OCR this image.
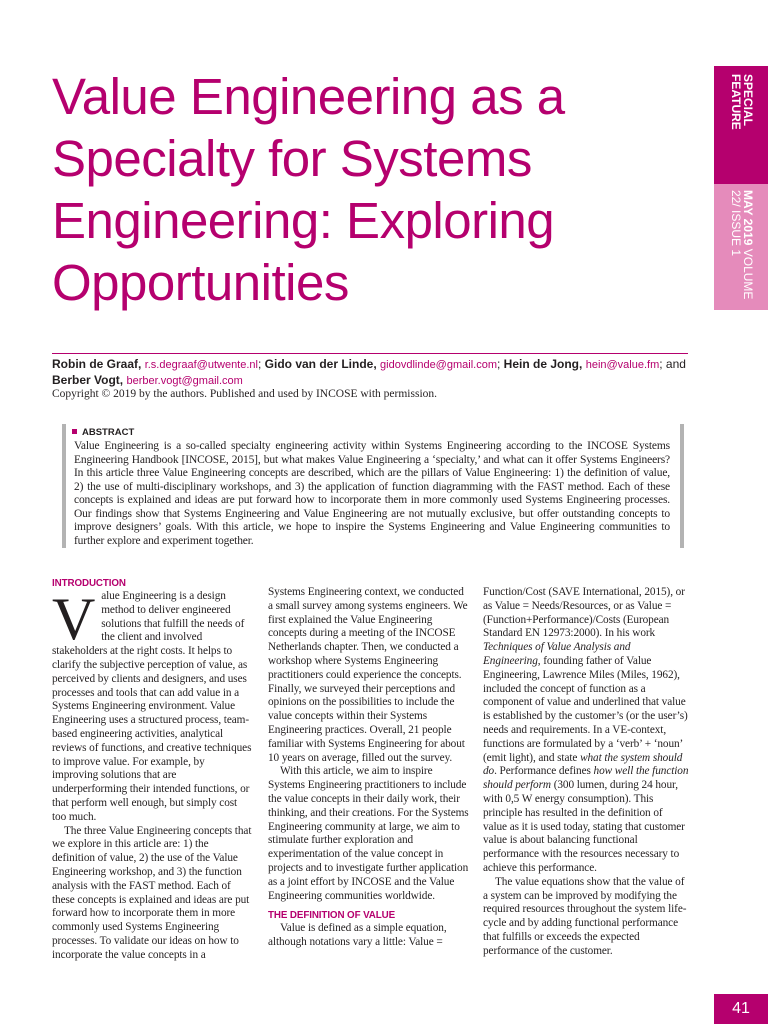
Value Engineering as a Specialty for Systems Engineering: Exploring Opportunities
SPECIAL FEATURE
MAY 2019 VOLUME 22/ ISSUE 1
Robin de Graaf, r.s.degraaf@utwente.nl; Gido van der Linde, gidovdlinde@gmail.com; Hein de Jong, hein@value.fm; and
Berber Vogt, berber.vogt@gmail.com
Copyright © 2019 by the authors. Published and used by INCOSE with permission.
ABSTRACT
Value Engineering is a so-called specialty engineering activity within Systems Engineering according to the INCOSE Systems Engineering Handbook [INCOSE, 2015], but what makes Value Engineering a ‘specialty,’ and what can it offer Systems Engineers? In this article three Value Engineering concepts are described, which are the pillars of Value Engineering: 1) the definition of value, 2) the use of multi-disciplinary workshops, and 3) the application of function diagramming with the FAST method. Each of these concepts is explained and ideas are put forward how to incorporate them in more commonly used Systems Engineering processes. Our findings show that Systems Engineering and Value Engineering are not mutually exclusive, but offer outstanding concepts to improve designers’ goals. With this article, we hope to inspire the Systems Engineering and Value Engineering communities to further explore and experiment together.
INTRODUCTION

Value Engineering is a design method to deliver engineered solutions that fulfill the needs of the client and involved stakeholders at the right costs. It helps to clarify the subjective perception of value, as perceived by clients and designers, and uses processes and tools that can add value in a Systems Engineering environment. Value Engineering uses a structured process, team-based engineering activities, analytical reviews of functions, and creative techniques to improve value. For example, by improving solutions that are underperforming their intended functions, or that perform well enough, but simply cost too much.

The three Value Engineering concepts that we explore in this article are: 1) the definition of value, 2) the use of the Value Engineering workshop, and 3) the function analysis with the FAST method. Each of these concepts is explained and ideas are put forward how to incorporate them in more commonly used Systems Engineering processes. To validate our ideas on how to incorporate the value concepts in a

Systems Engineering context, we conducted a small survey among systems engineers. We first explained the Value Engineering concepts during a meeting of the INCOSE Netherlands chapter. Then, we conducted a workshop where Systems Engineering practitioners could experience the concepts. Finally, we surveyed their perceptions and opinions on the possibilities to include the value concepts within their Systems Engineering practices. Overall, 21 people familiar with Systems Engineering for about 10 years on average, filled out the survey.

With this article, we aim to inspire Systems Engineering practitioners to include the value concepts in their daily work, their thinking, and their creations. For the Systems Engineering community at large, we aim to stimulate further exploration and experimentation of the value concept in projects and to investigate further application as a joint effort by INCOSE and the Value Engineering communities worldwide.

THE DEFINITION OF VALUE

Value is defined as a simple equation, although notations vary a little: Value =

Function/Cost (SAVE International, 2015), or as Value = Needs/Resources, or as Value = (Function+Performance)/Costs (European Standard EN 12973:2000). In his work Techniques of Value Analysis and Engineering, founding father of Value Engineering, Lawrence Miles (Miles, 1962), included the concept of function as a component of value and underlined that value is established by the customer’s (or the user’s) needs and requirements. In a VE-context, functions are formulated by a ‘verb’ + ‘noun’ (emit light), and state what the system should do. Performance defines how well the function should perform (300 lumen, during 24 hour, with 0,5 W energy consumption). This principle has resulted in the definition of value as it is used today, stating that customer value is about balancing functional performance with the resources necessary to achieve this performance.

The value equations show that the value of a system can be improved by modifying the required resources throughout the system life-cycle and by adding functional performance that fulfills or exceeds the expected performance of the customer.

41
